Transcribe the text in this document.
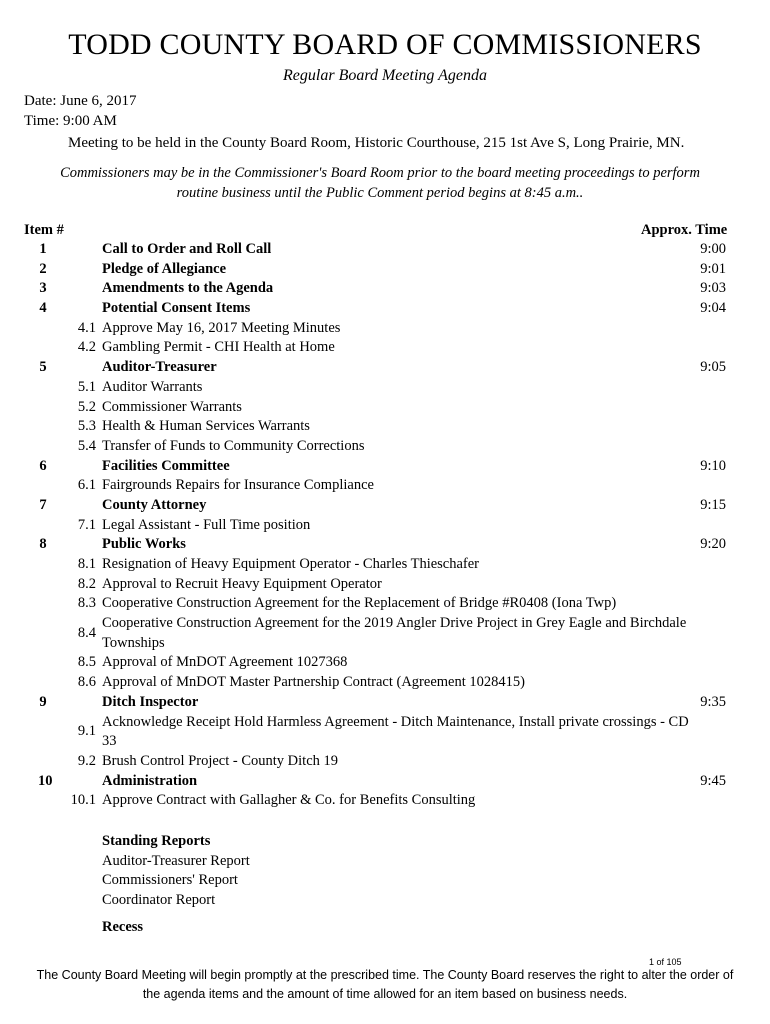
TODD COUNTY BOARD OF COMMISSIONERS
Regular Board Meeting Agenda
Date: June 6, 2017
Time: 9:00 AM
Meeting to be held in the County Board Room, Historic Courthouse, 215 1st Ave S, Long Prairie, MN.
Commissioners may be in the Commissioner's Board Room prior to the board meeting proceedings to perform
routine business until the Public Comment period begins at 8:45 a.m..
Item #	Approx. Time
1	Call to Order and Roll Call	9:00
2	Pledge of Allegiance	9:01
3	Amendments to the Agenda	9:03
4	Potential Consent Items	9:04
4.1 Approve May 16, 2017 Meeting Minutes
4.2 Gambling Permit - CHI Health at Home
5	Auditor-Treasurer	9:05
5.1 Auditor Warrants
5.2 Commissioner Warrants
5.3 Health & Human Services Warrants
5.4 Transfer of Funds to Community Corrections
6	Facilities Committee	9:10
6.1 Fairgrounds Repairs for Insurance Compliance
7	County Attorney	9:15
7.1 Legal Assistant - Full Time position
8	Public Works	9:20
8.1 Resignation of Heavy Equipment Operator - Charles Thieschafer
8.2 Approval to Recruit Heavy Equipment Operator
8.3 Cooperative Construction Agreement for the Replacement of Bridge #R0408 (Iona Twp)
8.4
Cooperative Construction Agreement for the 2019 Angler Drive Project in Grey Eagle and Birchdale Townships
8.5 Approval of MnDOT Agreement 1027368
8.6 Approval of MnDOT Master Partnership Contract (Agreement 1028415)
9	Ditch Inspector	9:35
9.1
Acknowledge Receipt Hold Harmless Agreement - Ditch Maintenance, Install private crossings - CD 33
9.2 Brush Control Project - County Ditch 19
10	Administration	9:45
10.1 Approve Contract with Gallagher & Co. for Benefits Consulting
Standing Reports
Auditor-Treasurer Report
Commissioners' Report
Coordinator Report
Recess
1 of 105
The County Board Meeting will begin promptly at the prescribed time. The County Board reserves the right to alter the order of
the agenda items and the amount of time allowed for an item based on business needs.
